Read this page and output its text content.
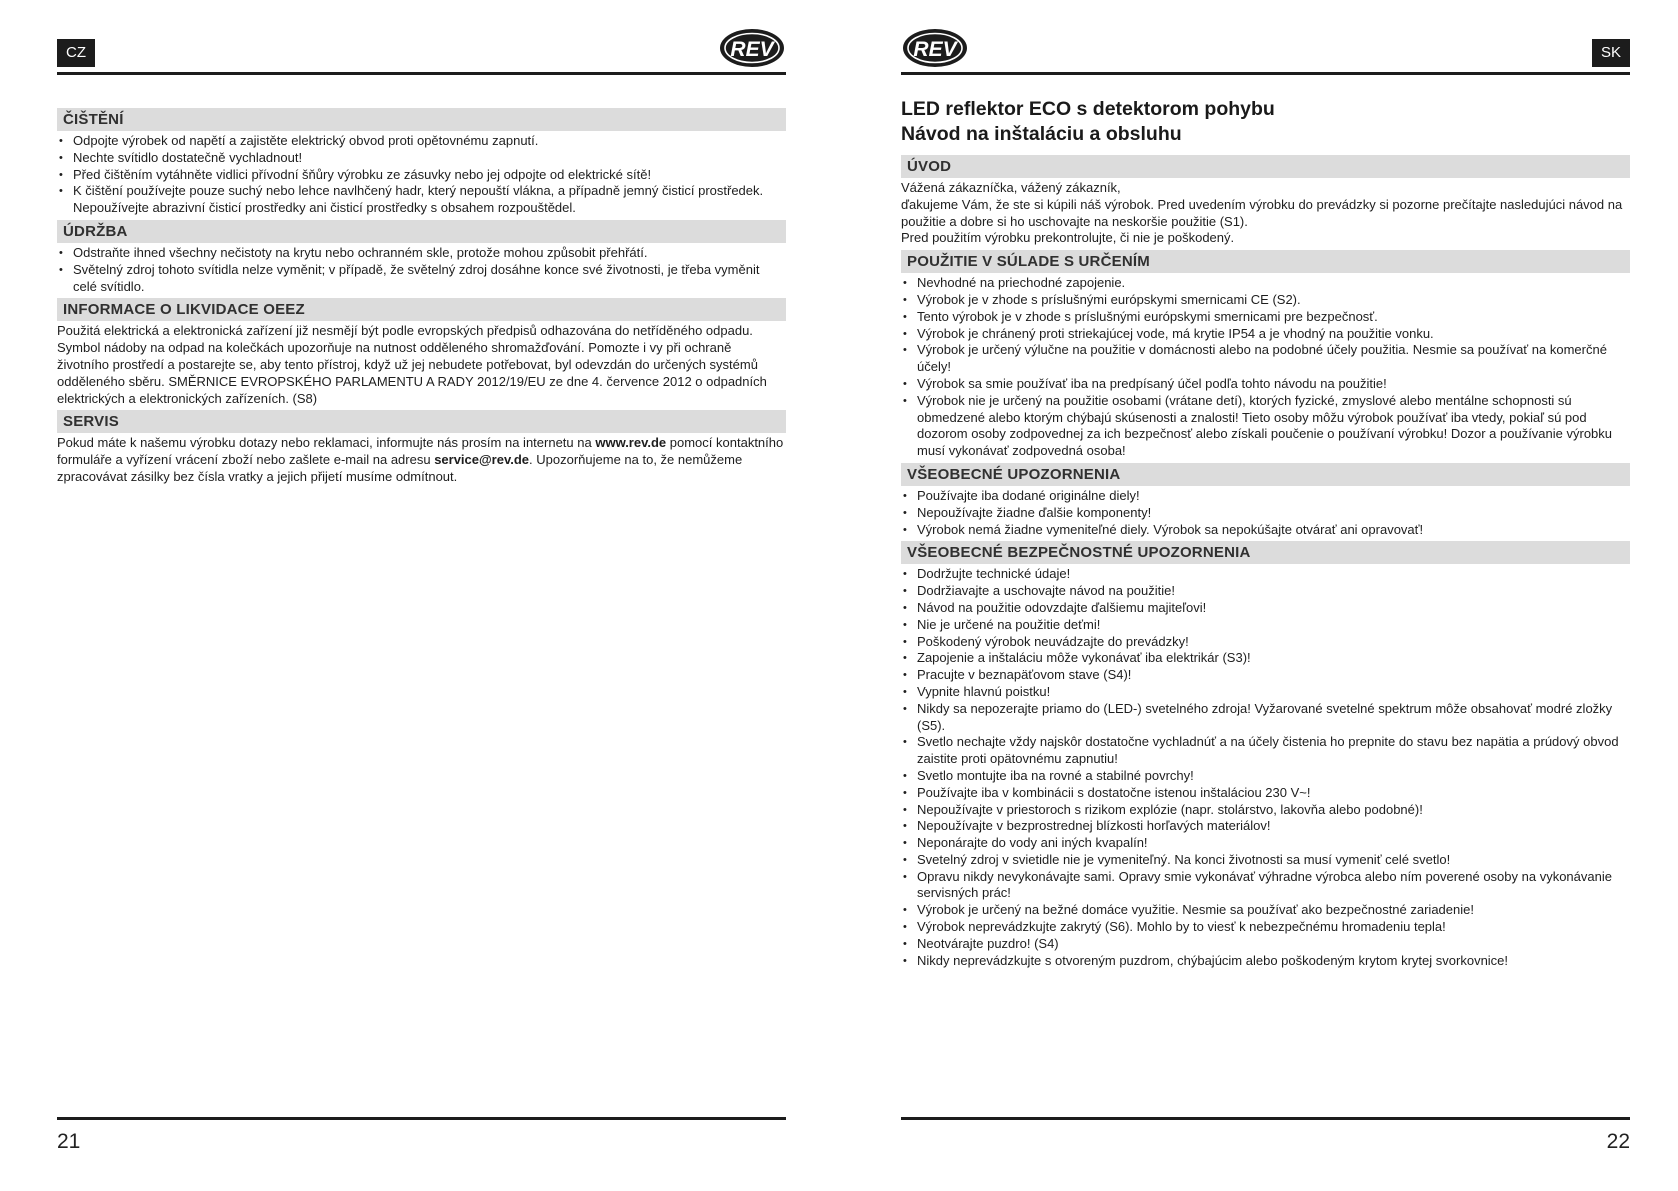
CZ	REV
ČIŠTĚNÍ
• Odpojte výrobek od napětí a zajistěte elektrický obvod proti opětovnému zapnutí.
• Nechte svítidlo dostatečně vychladnout!
• Před čištěním vytáhněte vidlici přívodní šňůry výrobku ze zásuvky nebo jej odpojte od elektrické sítě!
• K čištění používejte pouze suchý nebo lehce navlhčený hadr, který nepouští vlákna, a případně jemný čisticí prostředek. Nepoužívejte abrazivní čisticí prostředky ani čisticí prostředky s obsahem rozpouštědel.
ÚDRŽBA
• Odstraňte ihned všechny nečistoty na krytu nebo ochranném skle, protože mohou způsobit přehřátí.
• Světelný zdroj tohoto svítidla nelze vyměnit; v případě, že světelný zdroj dosáhne konce své životnosti, je třeba vyměnit celé svítidlo.
INFORMACE O LIKVIDACE OEEZ

Použitá elektrická a elektronická zařízení již nesmějí být podle evropských předpisů odhazována do netříděného odpadu. Symbol nádoby na odpad na kolečkách upozorňuje na nutnost odděleného shromažďování. Pomozte i vy při ochraně životního prostředí a postarejte se, aby tento přístroj, když už jej nebudete potřebovat, byl odevzdán do určených systémů odděleného sběru. SMĚRNICE EVROPSKÉHO PARLAMENTU A RADY 2012/19/EU ze dne 4. července 2012 o odpadních elektrických a elektronických zařízeních. (S8)

SERVIS

Pokud máte k našemu výrobku dotazy nebo reklamaci, informujte nás prosím na internetu na www.rev.de pomocí kontaktního formuláře a vyřízení vrácení zboží nebo zašlete e-mail na adresu service@rev.de. Upozorňujeme na to, že nemůžeme zpracovávat zásilky bez čísla vratky a jejich přijetí musíme odmítnout.

21
REV	SK
LED reflektor ECO s detektorom pohybu
Návod na inštaláciu a obsluhu
ÚVOD

Vážená zákazníčka, vážený zákazník,

ďakujeme Vám, že ste si kúpili náš výrobok. Pred uvedením výrobku do prevádzky si pozorne prečítajte nasledujúci návod na použitie a dobre si ho uschovajte na neskoršie použitie (S1).

Pred použitím výrobku prekontrolujte, či nie je poškodený.

POUŽITIE V SÚLADE S URČENÍM
• Nevhodné na priechodné zapojenie.
• Výrobok je v zhode s príslušnými európskymi smernicami CE (S2).
• Tento výrobok je v zhode s príslušnými európskymi smernicami pre bezpečnosť.
• Výrobok je chránený proti striekajúcej vode, má krytie IP54 a je vhodný na použitie vonku.
• Výrobok je určený výlučne na použitie v domácnosti alebo na podobné účely použitia. Nesmie sa používať na komerčné účely!
• Výrobok sa smie používať iba na predpísaný účel podľa tohto návodu na použitie!
• Výrobok nie je určený na použitie osobami (vrátane detí), ktorých fyzické, zmyslové alebo mentálne schopnosti sú obmedzené alebo ktorým chýbajú skúsenosti a znalosti! Tieto osoby môžu výrobok používať iba vtedy, pokiaľ sú pod dozorom osoby zodpovednej za ich bezpečnosť alebo získali poučenie o používaní výrobku! Dozor a používanie výrobku musí vykonávať zodpovedná osoba!
VŠEOBECNÉ UPOZORNENIA
• Používajte iba dodané originálne diely!
• Nepoužívajte žiadne ďalšie komponenty!
• Výrobok nemá žiadne vymeniteľné diely. Výrobok sa nepokúšajte otvárať ani opravovať!
VŠEOBECNÉ BEZPEČNOSTNÉ UPOZORNENIA
• Dodržujte technické údaje!
• Dodržiavajte a uschovajte návod na použitie!
• Návod na použitie odovzdajte ďalšiemu majiteľovi!
• Nie je určené na použitie deťmi!
• Poškodený výrobok neuvádzajte do prevádzky!
• Zapojenie a inštaláciu môže vykonávať iba elektrikár (S3)!
• Pracujte v beznapäťovom stave (S4)!
• Vypnite hlavnú poistku!
• Nikdy sa nepozerajte priamo do (LED-) svetelného zdroja! Vyžarované svetelné spektrum môže obsahovať modré zložky (S5).
• Svetlo nechajte vždy najskôr dostatočne vychladnúť a na účely čistenia ho prepnite do stavu bez napätia a prúdový obvod zaistite proti opätovnému zapnutiu!
• Svetlo montujte iba na rovné a stabilné povrchy!
• Používajte iba v kombinácii s dostatočne istenou inštaláciou 230 V~!
• Nepoužívajte v priestoroch s rizikom explózie (napr. stolárstvo, lakovňa alebo podobné)!
• Nepoužívajte v bezprostrednej blízkosti horľavých materiálov!
• Neponárajte do vody ani iných kvapalín!
• Svetelný zdroj v svietidle nie je vymeniteľný. Na konci životnosti sa musí vymeniť celé svetlo!
• Opravu nikdy nevykonávajte sami. Opravy smie vykonávať výhradne výrobca alebo ním poverené osoby na vykonávanie servisných prác!
• Výrobok je určený na bežné domáce využitie. Nesmie sa používať ako bezpečnostné zariadenie!
• Výrobok neprevádzkujte zakrytý (S6). Mohlo by to viesť k nebezpečnému hromadeniu tepla!
• Neotvárajte puzdro! (S4)
• Nikdy neprevádzkujte s otvoreným puzdrom, chýbajúcim alebo poškodeným krytom krytej svorkovnice!
22
